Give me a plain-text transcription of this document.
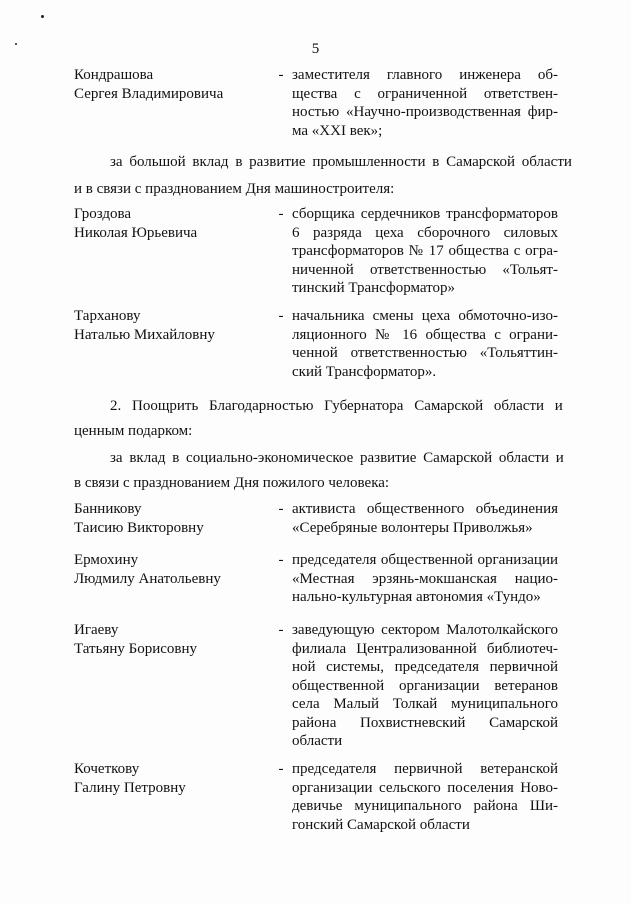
5
Кондрашова
Сергея Владимировича
- заместителя главного инженера об-
щества с ограниченной ответствен-
ностью «Научно-производственная фир-
ма «XXI век»;
за большой вклад в развитие промышленности в Самарской области
и в связи с празднованием Дня машиностроителя:
Гроздова
Николая Юрьевича
- сборщика сердечников трансформаторов
6 разряда цеха сборочного силовых
трансформаторов № 17 общества с огра-
ниченной ответственностью «Тольят-
тинский Трансформатор»
Тарханову
Наталью Михайловну
- начальника смены цеха обмоточно-изо-
ляционного № 16 общества с ограни-
ченной ответственностью «Тольяттин-
ский Трансформатор».
2. Поощрить Благодарностью Губернатора Самарской области и
ценным подарком:
за вклад в социально-экономическое развитие Самарской области и
в связи с празднованием Дня пожилого человека:
Банникову
Таисию Викторовну
- активиста общественного объединения
«Серебряные волонтеры Приволжья»
Ермохину
Людмилу Анатольевну
- председателя общественной организации
«Местная эрзянь-мокшанская нацио-
нально-культурная автономия «Тундо»
Игаеву
Татьяну Борисовну
- заведующую сектором Малотолкайского
филиала Централизованной библиотеч-
ной системы, председателя первичной
общественной организации ветеранов
села Малый Толкай муниципального
района Похвистневский Самарской
области
Кочеткову
Галину Петровну
- председателя первичной ветеранской
организации сельского поселения Ново-
девичье муниципального района Ши-
гонский Самарской области
